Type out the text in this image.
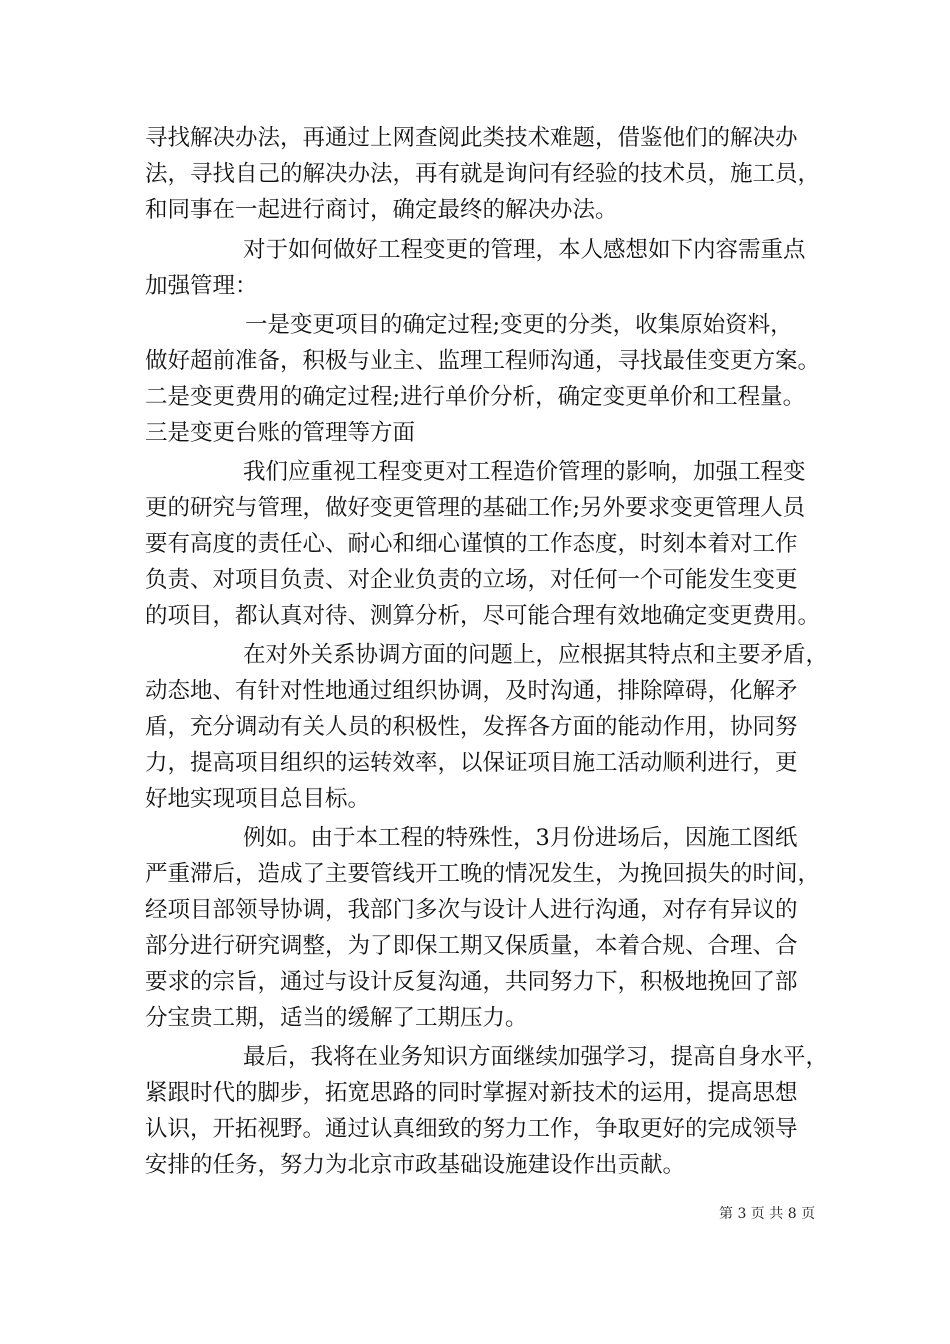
寻找解决办法，再通过上网查阅此类技术难题，借鉴他们的解决办
法，寻找自己的解决办法，再有就是询问有经验的技术员，施工员，
和同事在一起进行商讨，确定最终的解决办法。
对于如何做好工程变更的管理，本人感想如下内容需重点
加强管理：
一是变更项目的确定过程;变更的分类，收集原始资料，
做好超前准备，积极与业主、监理工程师沟通，寻找最佳变更方案。
二是变更费用的确定过程;进行单价分析，确定变更单价和工程量。
三是变更台账的管理等方面
我们应重视工程变更对工程造价管理的影响，加强工程变
更的研究与管理，做好变更管理的基础工作;另外要求变更管理人员
要有高度的责任心、耐心和细心谨慎的工作态度，时刻本着对工作
负责、对项目负责、对企业负责的立场，对任何一个可能发生变更
的项目，都认真对待、测算分析，尽可能合理有效地确定变更费用。
在对外关系协调方面的问题上，应根据其特点和主要矛盾，
动态地、有针对性地通过组织协调，及时沟通，排除障碍，化解矛
盾，充分调动有关人员的积极性，发挥各方面的能动作用，协同努
力，提高项目组织的运转效率，以保证项目施工活动顺利进行，更
好地实现项目总目标。
例如。由于本工程的特殊性，3月份进场后，因施工图纸
严重滞后，造成了主要管线开工晚的情况发生，为挽回损失的时间，
经项目部领导协调，我部门多次与设计人进行沟通，对存有异议的
部分进行研究调整，为了即保工期又保质量，本着合规、合理、合
要求的宗旨，通过与设计反复沟通，共同努力下，积极地挽回了部
分宝贵工期，适当的缓解了工期压力。
最后，我将在业务知识方面继续加强学习，提高自身水平，
紧跟时代的脚步，拓宽思路的同时掌握对新技术的运用，提高思想
认识，开拓视野。通过认真细致的努力工作，争取更好的完成领导
安排的任务，努力为北京市政基础设施建设作出贡献。
第 3 页 共 8 页
